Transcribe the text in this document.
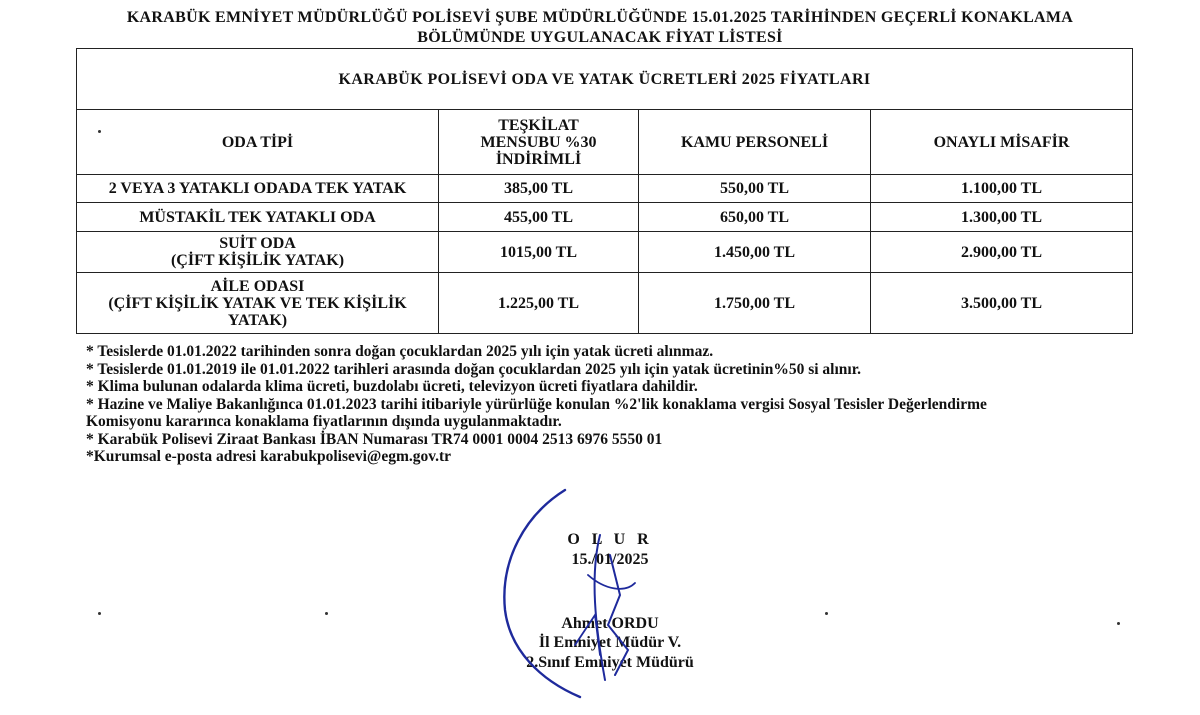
KARABÜK EMNİYET MÜDÜRLÜĞÜ POLİSEVİ ŞUBE MÜDÜRLÜĞÜNDE 15.01.2025 TARİHİNDEN GEÇERLİ KONAKLAMA
BÖLÜMÜNDE UYGULANACAK FİYAT LİSTESİ
KARABÜK POLİSEVİ ODA VE YATAK ÜCRETLERİ 2025 FİYATLARI			
ODA TİPİ	TEŞKİLAT
MENSUBU %30
İNDİRİMLİ	KAMU PERSONELİ	ONAYLI MİSAFİR
2 VEYA 3 YATAKLI ODADA TEK YATAK	385,00 TL	550,00 TL	1.100,00 TL
MÜSTAKİL TEK YATAKLI ODA	455,00 TL	650,00 TL	1.300,00 TL

SUİT ODA
(ÇİFT KİŞİLİK YATAK)	1015,00 TL	1.450,00 TL	2.900,00 TL

AİLE ODASI
(ÇİFT KİŞİLİK YATAK VE TEK KİŞİLİK
YATAK)	1.225,00 TL	1.750,00 TL	3.500,00 TL

* Tesislerde 01.01.2022 tarihinden sonra doğan çocuklardan 2025 yılı için yatak ücreti alınmaz.

* Tesislerde 01.01.2019 ile 01.01.2022 tarihleri arasında doğan çocuklardan 2025 yılı için yatak ücretinin%50 si alınır.

* Klima bulunan odalarda klima ücreti, buzdolabı ücreti, televizyon ücreti fiyatlara dahildir.

* Hazine ve Maliye Bakanlığınca 01.01.2023 tarihi itibariyle yürürlüğe konulan %2'lik konaklama vergisi Sosyal Tesisler Değerlendirme

Komisyonu kararınca konaklama fiyatlarının dışında uygulanmaktadır.

* Karabük Polisevi Ziraat Bankası İBAN Numarası TR74 0001 0004 2513 6976 5550 01

*Kurumsal e-posta adresi karabukpolisevi@egm.gov.tr

O L U R
15./01/2025
Ahmet ORDU
İl Emniyet Müdür V.
2.Sınıf Emniyet Müdürü
